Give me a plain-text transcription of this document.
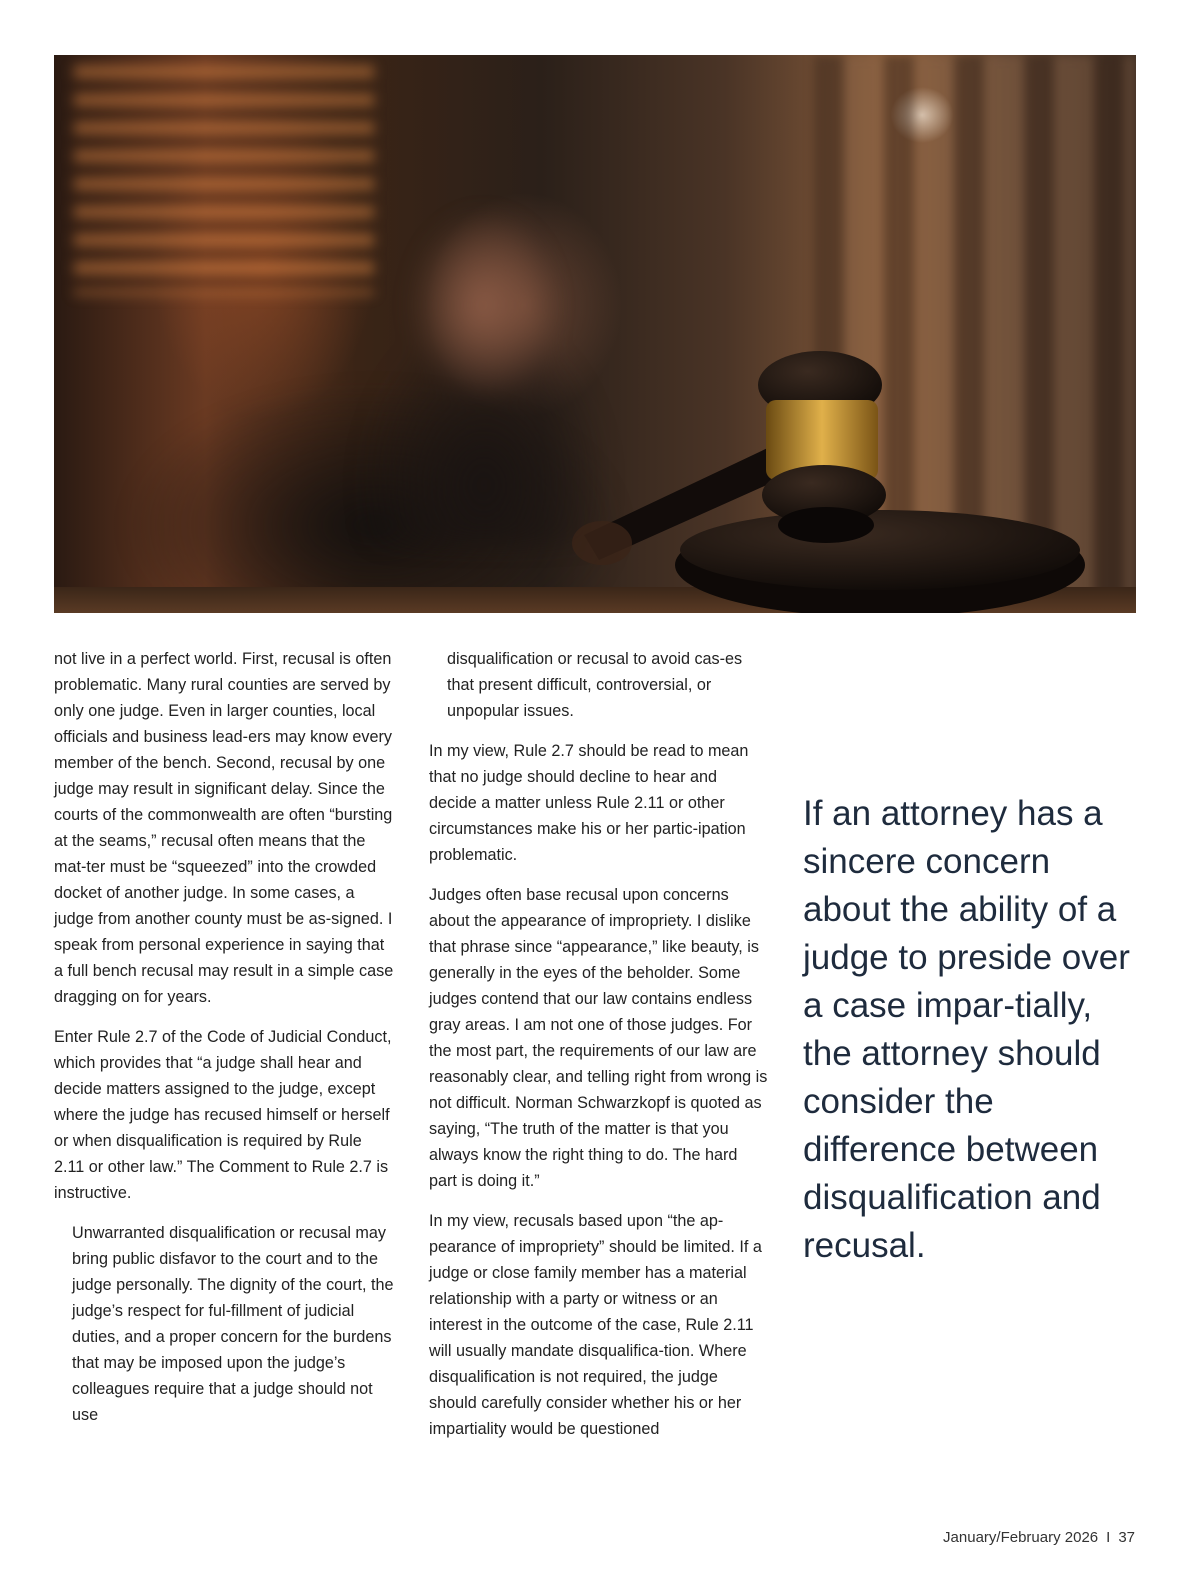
not live in a perfect world. First, recusal is often problematic. Many rural counties are served by only one judge. Even in larger counties, local officials and business lead-ers may know every member of the bench. Second, recusal by one judge may result in significant delay. Since the courts of the commonwealth are often “bursting at the seams,” recusal often means that the mat-ter must be “squeezed” into the crowded docket of another judge. In some cases, a judge from another county must be as-signed. I speak from personal experience in saying that a full bench recusal may result in a simple case dragging on for years.

Enter Rule 2.7 of the Code of Judicial Conduct, which provides that “a judge shall hear and decide matters assigned to the judge, except where the judge has recused himself or herself or when disqualification is required by Rule 2.11 or other law.” The Comment to Rule 2.7 is instructive.

Unwarranted disqualification or recusal may bring public disfavor to the court and to the judge personally. The dignity of the court, the judge’s respect for ful-fillment of judicial duties, and a proper concern for the burdens that may be imposed upon the judge’s colleagues require that a judge should not use

disqualification or recusal to avoid cas-es that present difficult, controversial, or unpopular issues.

In my view, Rule 2.7 should be read to mean that no judge should decline to hear and decide a matter unless Rule 2.11 or other circumstances make his or her partic-ipation problematic.

Judges often base recusal upon concerns about the appearance of impropriety. I dislike that phrase since “appearance,” like beauty, is generally in the eyes of the beholder. Some judges contend that our law contains endless gray areas. I am not one of those judges. For the most part, the requirements of our law are reasonably clear, and telling right from wrong is not difficult. Norman Schwarzkopf is quoted as saying, “The truth of the matter is that you always know the right thing to do. The hard part is doing it.”

In my view, recusals based upon “the ap-pearance of impropriety” should be limited. If a judge or close family member has a material relationship with a party or witness or an interest in the outcome of the case, Rule 2.11 will usually mandate disqualifica-tion. Where disqualification is not required, the judge should carefully consider whether his or her impartiality would be questioned

If an attorney has a sincere concern about the ability of a judge to preside over a case impar-tially, the attorney should consider the difference between disqualification and recusal.
January/February 2026 I 37
